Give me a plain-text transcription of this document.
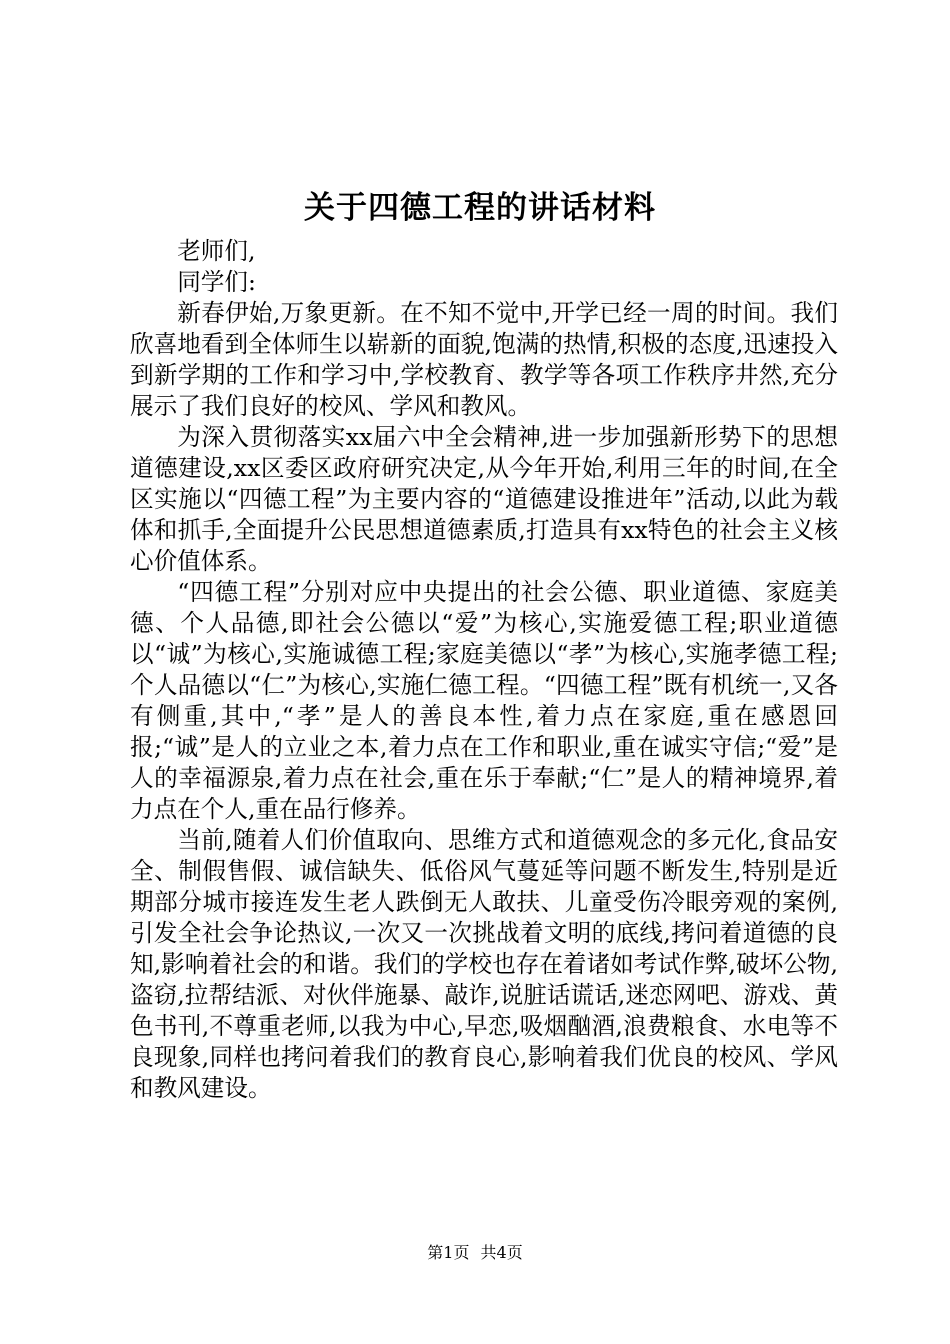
关于四德工程的讲话材料

老师们,

同学们:

新春伊始,万象更新。在不知不觉中,开学已经一周的时间。我们欣喜地看到全体师生以崭新的面貌,饱满的热情,积极的态度,迅速投入到新学期的工作和学习中,学校教育、教学等各项工作秩序井然,充分展示了我们良好的校风、学风和教风。

为深入贯彻落实xx届六中全会精神,进一步加强新形势下的思想道德建设,xx区委区政府研究决定,从今年开始,利用三年的时间,在全区实施以“四德工程”为主要内容的“道德建设推进年”活动,以此为载体和抓手,全面提升公民思想道德素质,打造具有xx特色的社会主义核心价值体系。

“四德工程”分别对应中央提出的社会公德、职业道德、家庭美德、个人品德,即社会公德以“爱”为核心,实施爱德工程;职业道德以“诚”为核心,实施诚德工程;家庭美德以“孝”为核心,实施孝德工程;个人品德以“仁”为核心,实施仁德工程。“四德工程”既有机统一,又各有侧重,其中,“孝”是人的善良本性,着力点在家庭,重在感恩回报;“诚”是人的立业之本,着力点在工作和职业,重在诚实守信;“爱”是人的幸福源泉,着力点在社会,重在乐于奉献;“仁”是人的精神境界,着力点在个人,重在品行修养。

当前,随着人们价值取向、思维方式和道德观念的多元化,食品安全、制假售假、诚信缺失、低俗风气蔓延等问题不断发生,特别是近期部分城市接连发生老人跌倒无人敢扶、儿童受伤冷眼旁观的案例,引发全社会争论热议,一次又一次挑战着文明的底线,拷问着道德的良知,影响着社会的和谐。我们的学校也存在着诸如考试作弊,破坏公物,盗窃,拉帮结派、对伙伴施暴、敲诈,说脏话谎话,迷恋网吧、游戏、黄色书刊,不尊重老师,以我为中心,早恋,吸烟酗酒,浪费粮食、水电等不良现象,同样也拷问着我们的教育良心,影响着我们优良的校风、学风和教风建设。

第1页 共4页
